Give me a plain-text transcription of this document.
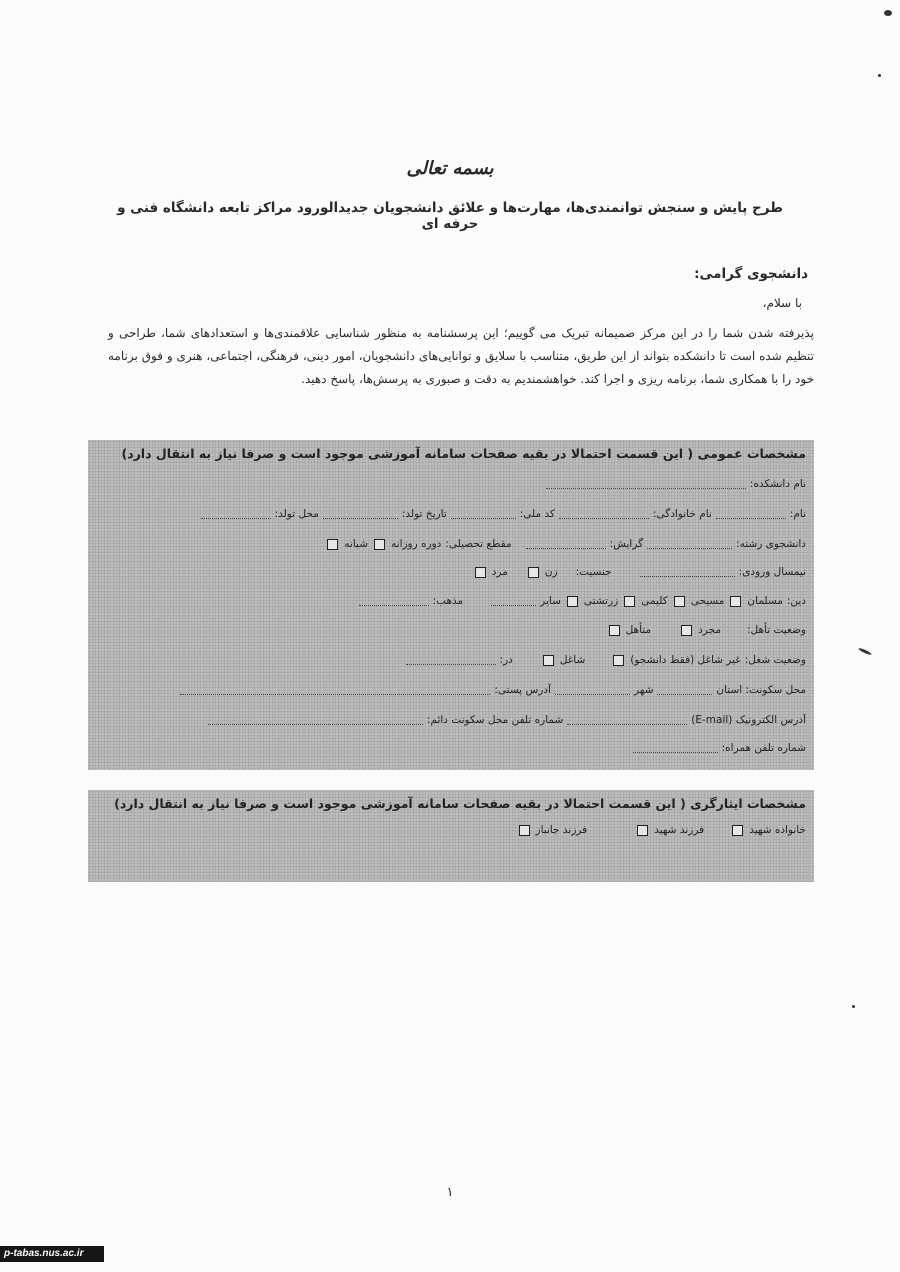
بسمه تعالی
طرح پایش و سنجش توانمندی‌ها، مهارت‌ها و علائق دانشجویان جدیدالورود مراکز تابعه دانشگاه فنی و حرفه ای
دانشجوی گرامی:
با سلام،
پذیرفته شدن شما را در این مرکز صمیمانه تبریک می گوییم؛ این پرسشنامه به منظور شناسایی علاقمندی‌ها و استعدادهای شما، طراحی و تنظیم شده است تا دانشکده بتواند از این طریق، متناسب با سلایق و توانایی‌های دانشجویان، امور دینی، فرهنگی، اجتماعی، هنری و فوق برنامه خود را با همکاری شما، برنامه ریزی و اجرا کند. خواهشمندیم به دقت و صبوری به پرسش‌ها، پاسخ دهید.
مشخصات عمومی ( این قسمت احتمالا در بقیه صفحات سامانه آموزشی موجود است و صرفا نیاز به انتقال دارد)
نام دانشکده:
نام:
نام خانوادگی:
کد ملی:
تاریخ تولد:
محل تولد:
دانشجوی رشته:
گرایش:
مقطع تحصیلی:
دوره روزانه
شبانه
نیمسال ورودی:
جنسیت:
زن
مرد
دین:
مسلمان
مسیحی
کلیمی
زرتشتی
سایر
مذهب:
وضعیت تأهل:
مجرد
متأهل
وضعیت شغل:
غیر شاغل (فقط دانشجو)
شاغل
در:
محل سکونت: استان
شهر
آدرس پستی:
آدرس الکترونیک (E-mail)
شماره تلفن محل سکونت دائم:
شماره تلفن همراه:
مشخصات ایثارگری ( این قسمت احتمالا در بقیه صفحات سامانه آموزشی موجود است و صرفا نیاز به انتقال دارد)
خانواده شهید
فرزند شهید
فرزند جانباز
۱
p-tabas.nus.ac.ir
